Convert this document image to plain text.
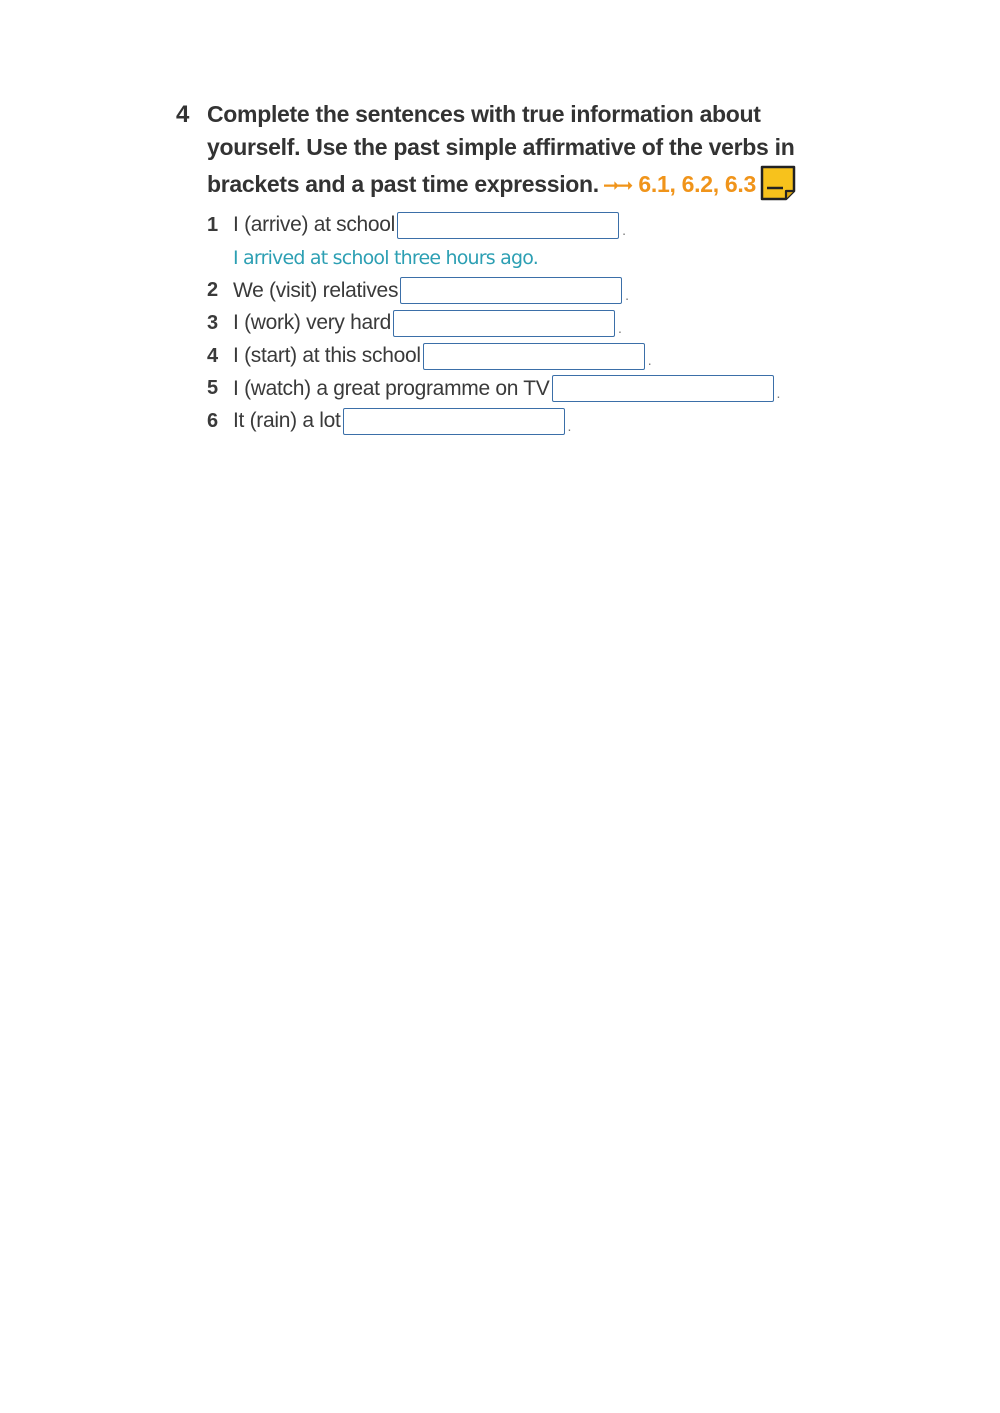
4 Complete the sentences with true information about yourself. Use the past simple affirmative of the verbs in brackets and a past time expression. ➞➞ 6.1, 6.2, 6.3
1 I (arrive) at school	.
I arrived at school three hours ago.
2 We (visit) relatives	.
3 I (work) very hard	.
4 I (start) at this school	.
5 I (watch) a great programme on TV	.
6 It (rain) a lot	.
